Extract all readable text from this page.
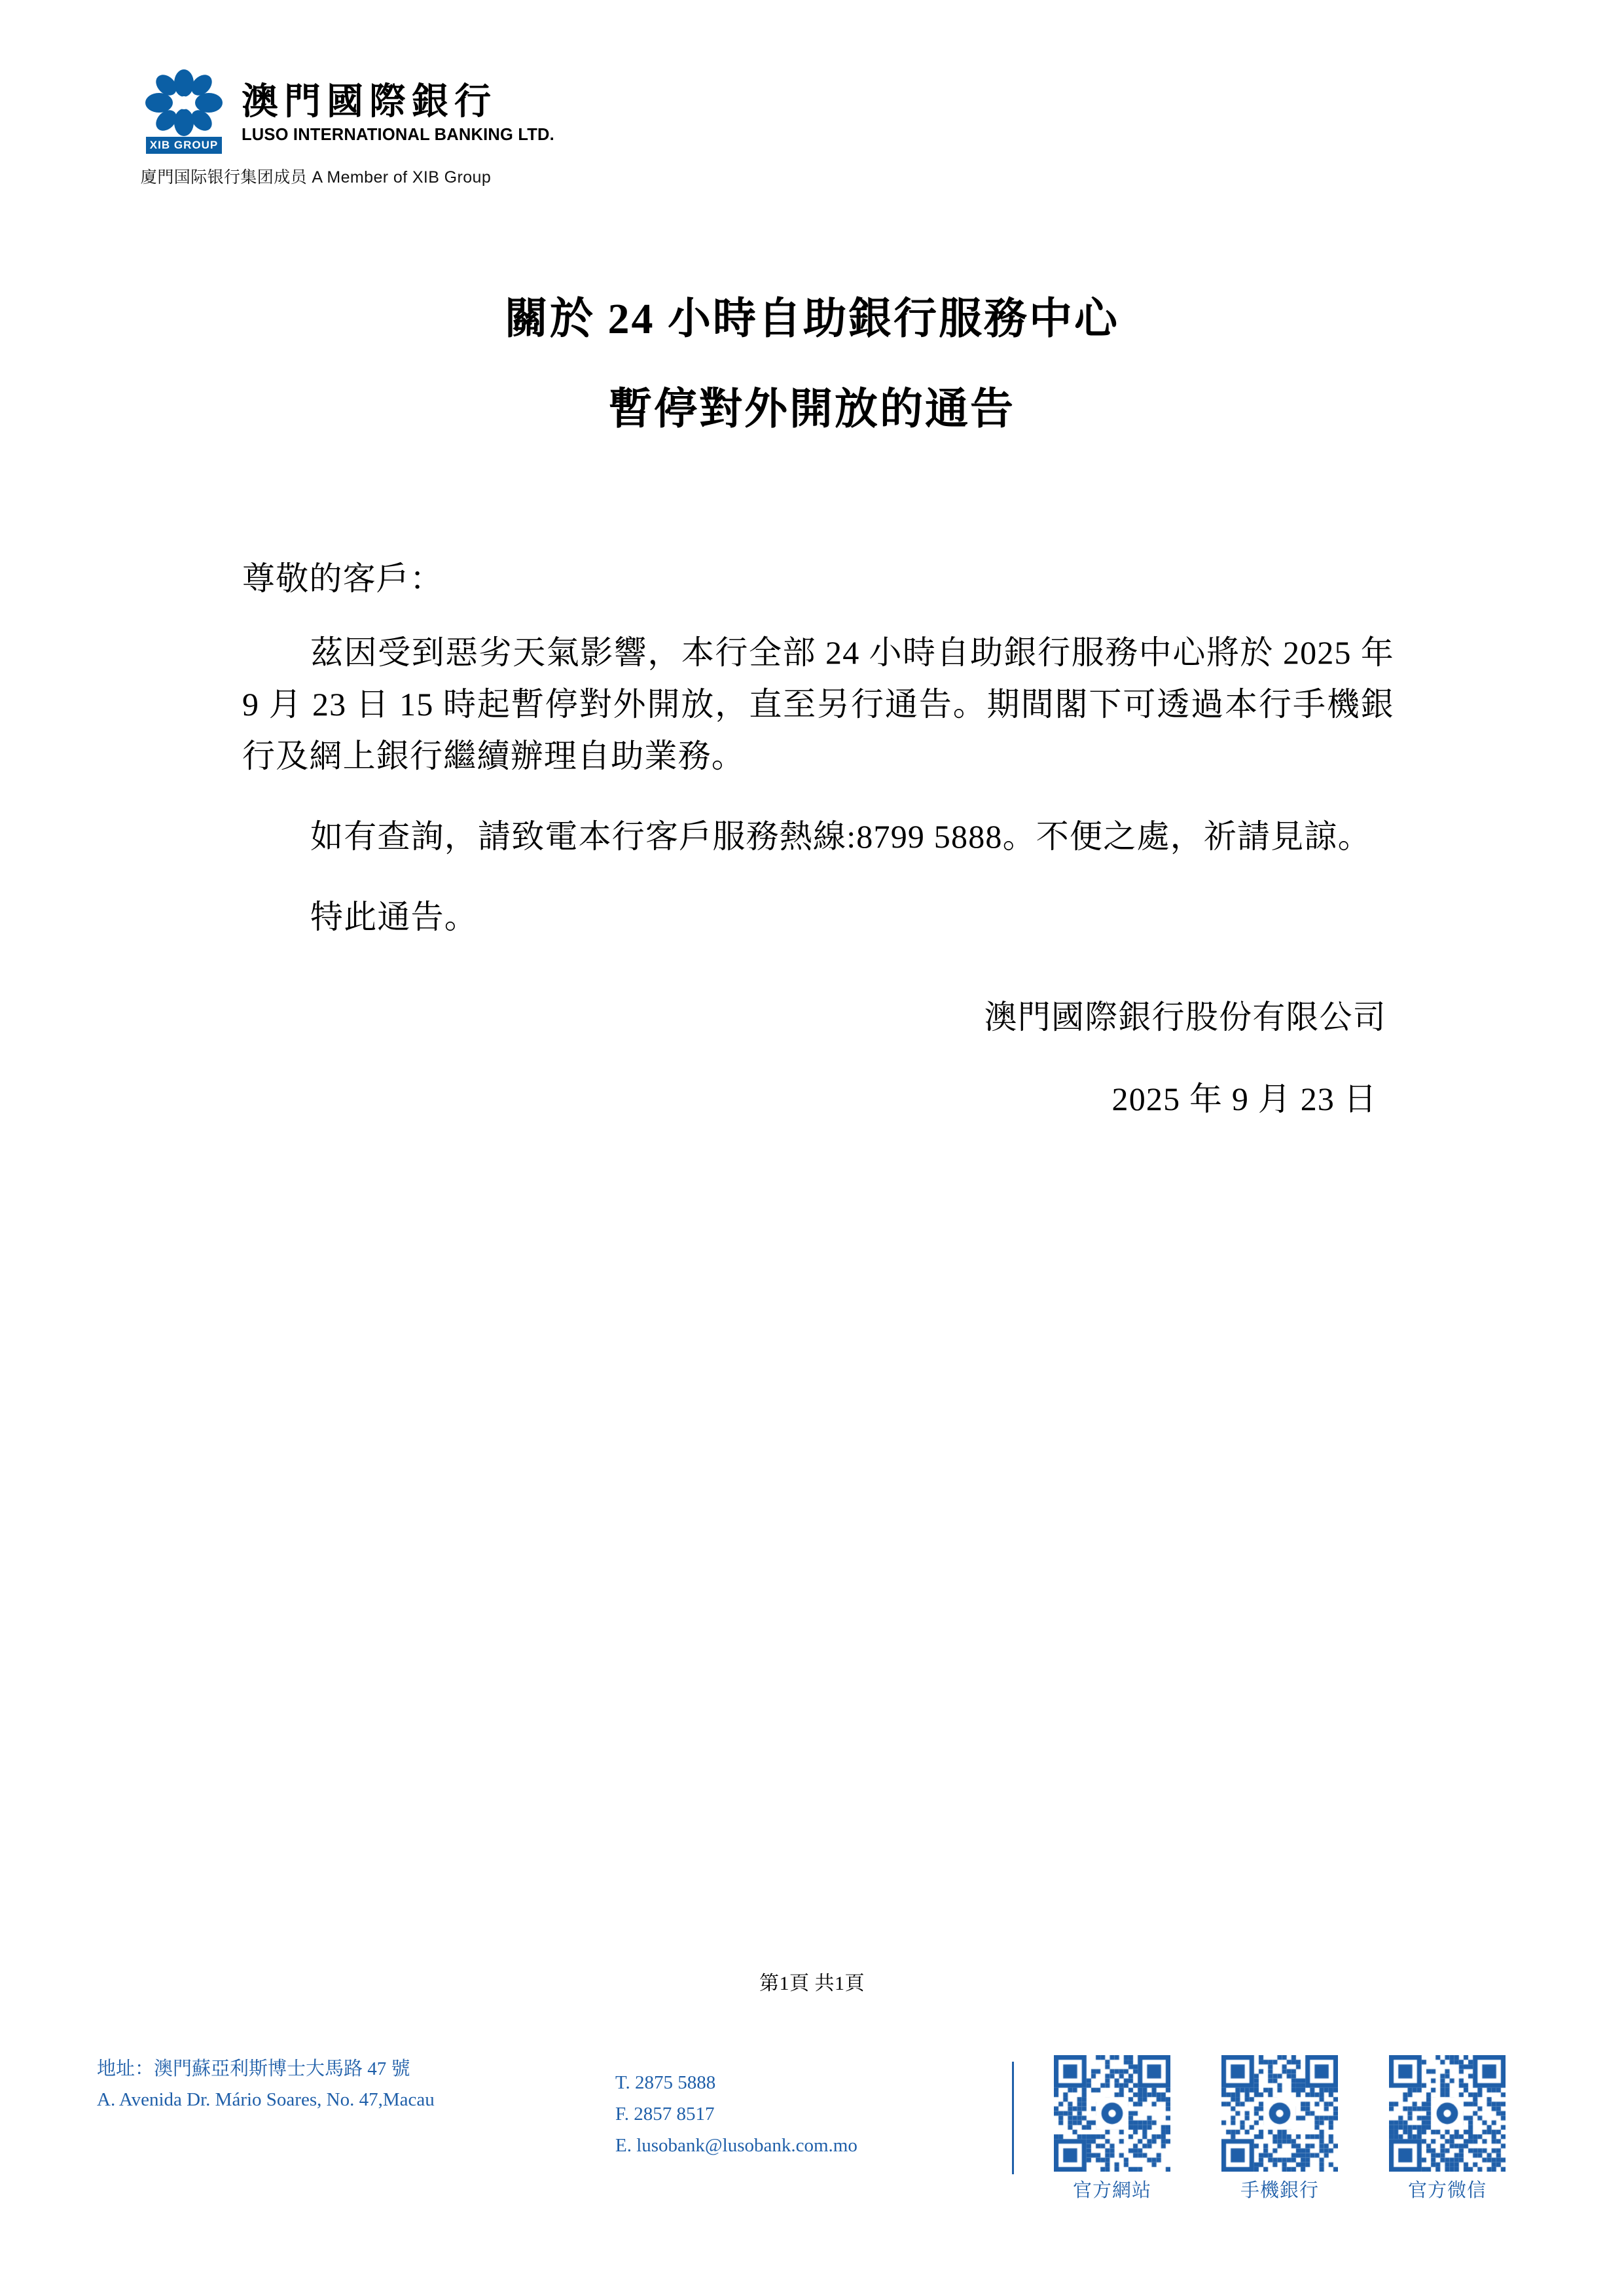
XIB GROUP
澳門國際銀行
LUSO INTERNATIONAL BANKING LTD.
廈門国际银行集团成员 A Member of XIB Group
關於 24 小時自助銀行服務中心
暫停對外開放的通告

尊敬的客戶：

茲因受到惡劣天氣影響，本行全部 24 小時自助銀行服務中心將於 2025 年 9 月 23 日 15 時起暫停對外開放，直至另行通告。期間閣下可透過本行手機銀行及網上銀行繼續辦理自助業務。

如有查詢，請致電本行客戶服務熱線:8799 5888。不便之處，祈請見諒。

特此通告。

澳門國際銀行股份有限公司
2025 年 9 月 23 日
第1頁 共1頁
地址：澳門蘇亞利斯博士大馬路 47 號
A. Avenida Dr. Mário Soares, No. 47,Macau
T. 2875 5888
F. 2857 8517
E. lusobank@lusobank.com.mo
官方網站	手機銀行	官方微信
